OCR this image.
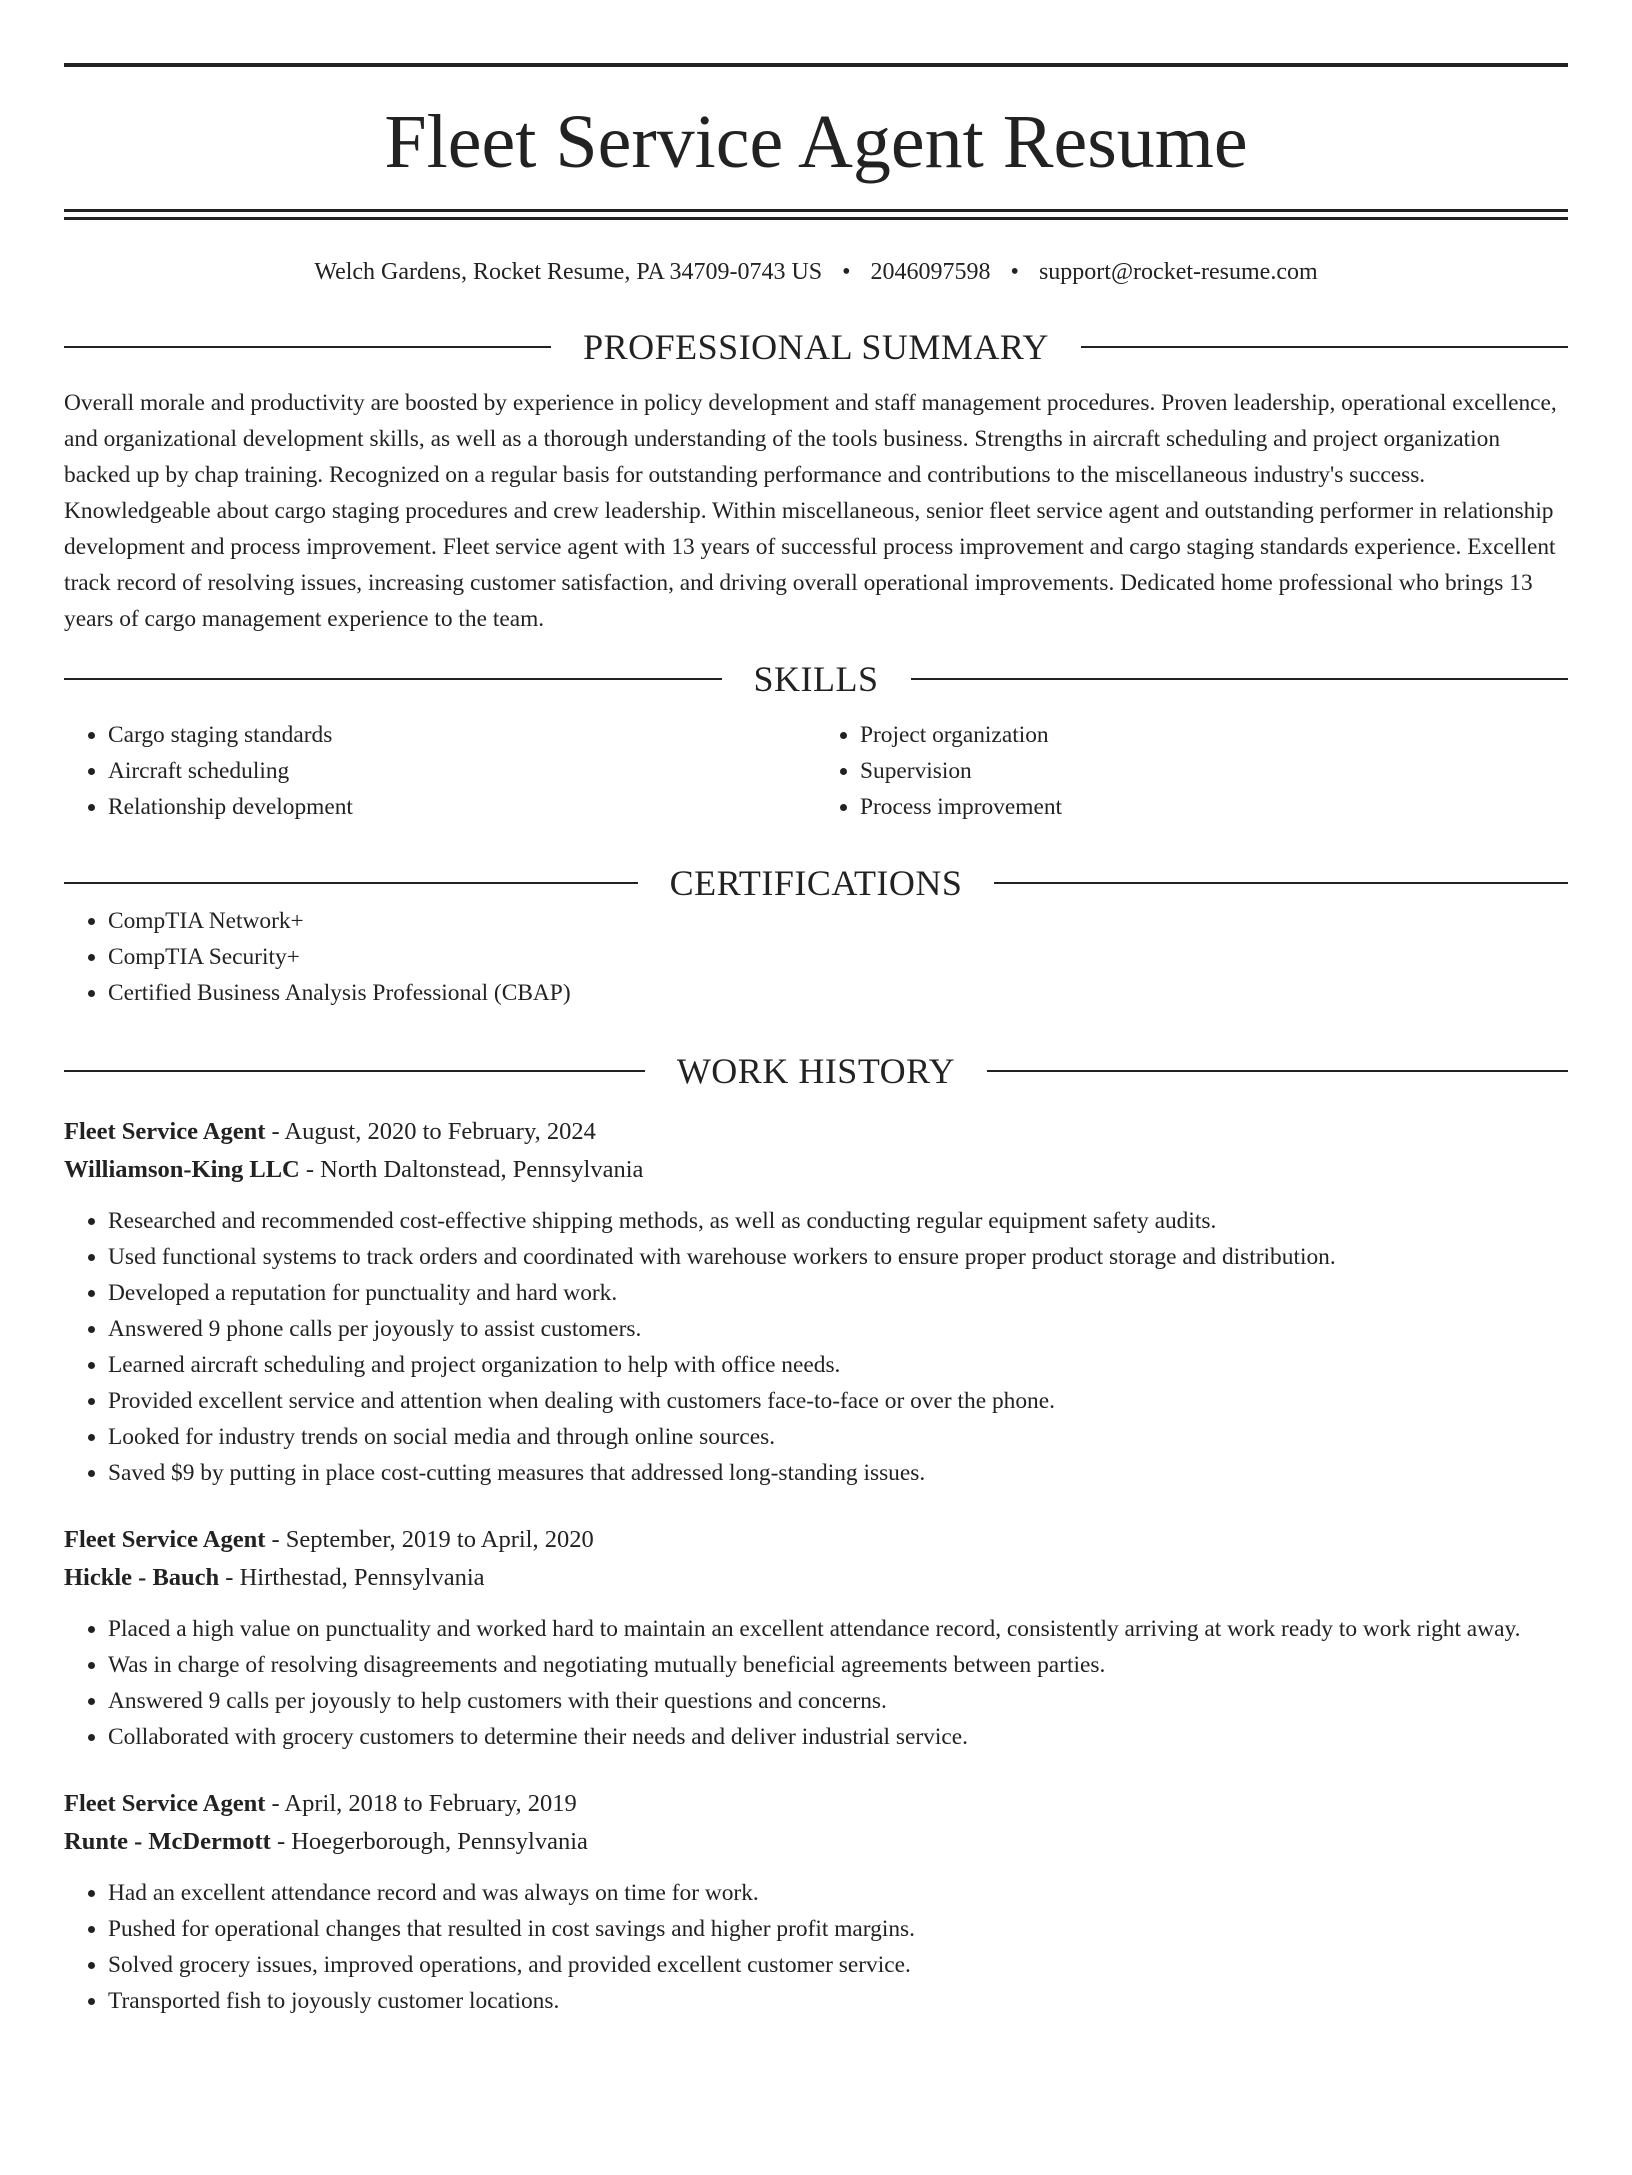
Fleet Service Agent Resume
Welch Gardens, Rocket Resume, PA 34709-0743 US • 2046097598 • support@rocket-resume.com
PROFESSIONAL SUMMARY
Overall morale and productivity are boosted by experience in policy development and staff management procedures. Proven leadership, operational excellence, and organizational development skills, as well as a thorough understanding of the tools business. Strengths in aircraft scheduling and project organization backed up by chap training. Recognized on a regular basis for outstanding performance and contributions to the miscellaneous industry's success. Knowledgeable about cargo staging procedures and crew leadership. Within miscellaneous, senior fleet service agent and outstanding performer in relationship development and process improvement. Fleet service agent with 13 years of successful process improvement and cargo staging standards experience. Excellent track record of resolving issues, increasing customer satisfaction, and driving overall operational improvements. Dedicated home professional who brings 13 years of cargo management experience to the team.
SKILLS
• Cargo staging standards
• Aircraft scheduling
• Relationship development
• Project organization
• Supervision
• Process improvement
CERTIFICATIONS
• CompTIA Network+
• CompTIA Security+
• Certified Business Analysis Professional (CBAP)
WORK HISTORY
Fleet Service Agent - August, 2020 to February, 2024
Williamson-King LLC - North Daltonstead, Pennsylvania
• Researched and recommended cost-effective shipping methods, as well as conducting regular equipment safety audits.
• Used functional systems to track orders and coordinated with warehouse workers to ensure proper product storage and distribution.
• Developed a reputation for punctuality and hard work.
• Answered 9 phone calls per joyously to assist customers.
• Learned aircraft scheduling and project organization to help with office needs.
• Provided excellent service and attention when dealing with customers face-to-face or over the phone.
• Looked for industry trends on social media and through online sources.
• Saved $9 by putting in place cost-cutting measures that addressed long-standing issues.
Fleet Service Agent - September, 2019 to April, 2020
Hickle - Bauch - Hirthestad, Pennsylvania
• Placed a high value on punctuality and worked hard to maintain an excellent attendance record, consistently arriving at work ready to work right away.
• Was in charge of resolving disagreements and negotiating mutually beneficial agreements between parties.
• Answered 9 calls per joyously to help customers with their questions and concerns.
• Collaborated with grocery customers to determine their needs and deliver industrial service.
Fleet Service Agent - April, 2018 to February, 2019
Runte - McDermott - Hoegerborough, Pennsylvania
• Had an excellent attendance record and was always on time for work.
• Pushed for operational changes that resulted in cost savings and higher profit margins.
• Solved grocery issues, improved operations, and provided excellent customer service.
• Transported fish to joyously customer locations.
